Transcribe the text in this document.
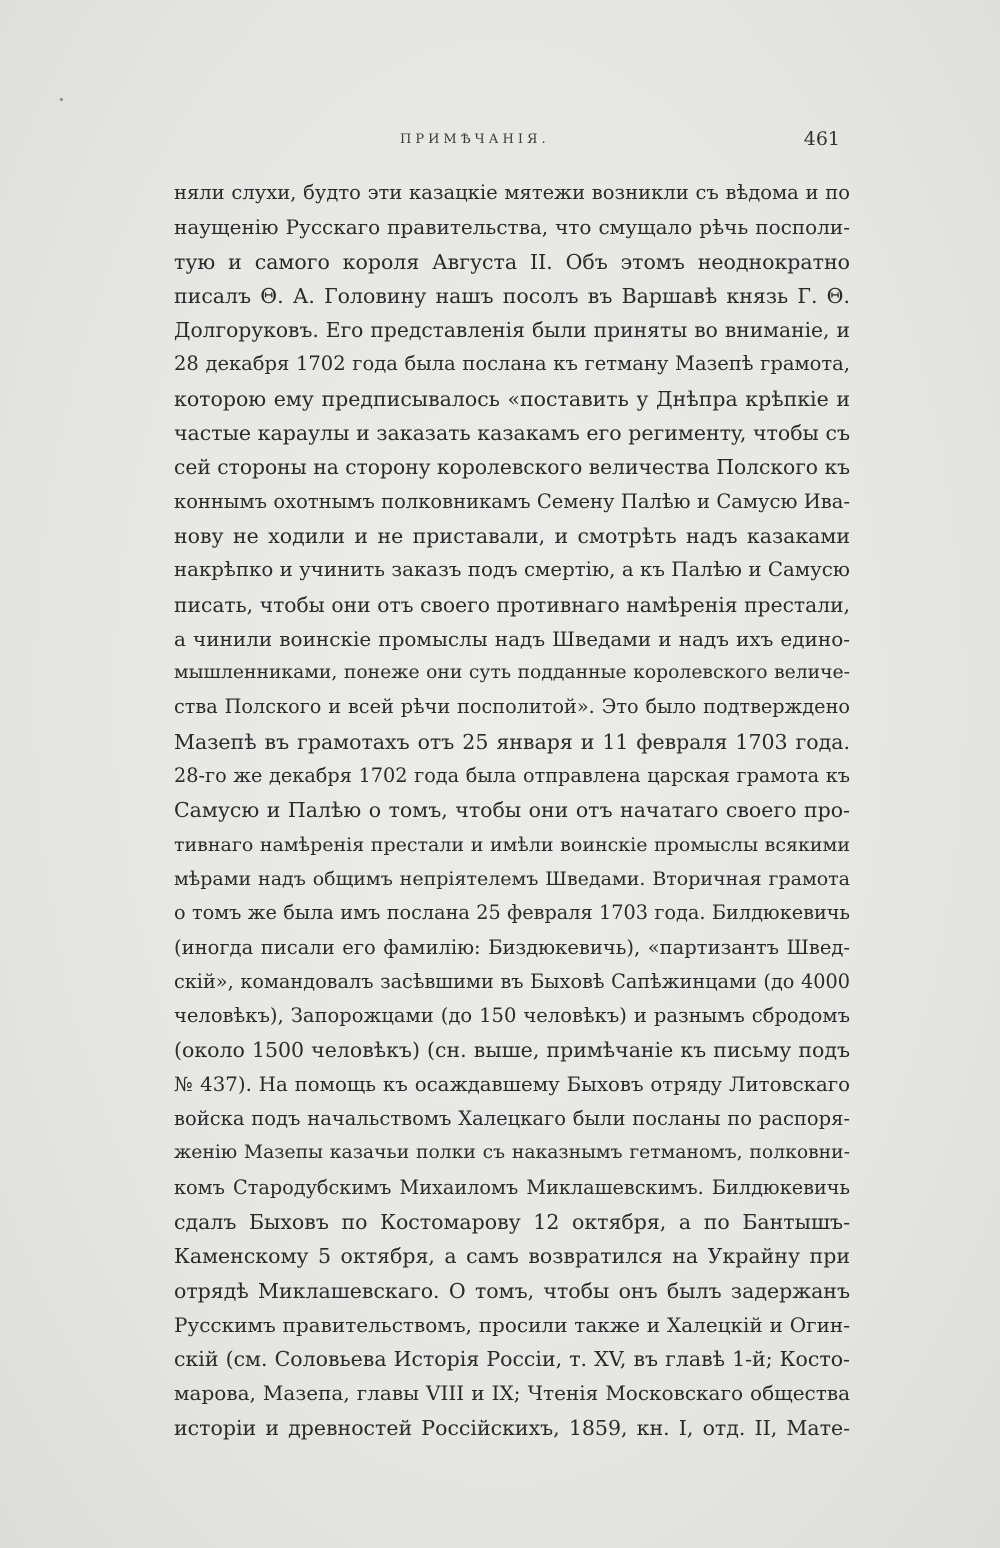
ПРИМѢЧАНІЯ.	461
няли слухи, будто эти казацкіе мятежи возникли съ вѣдома и по
наущенію Русскаго правительства, что смущало рѣчь посполи-
тую и самого короля Августа II. Объ этомъ неоднократно
писалъ Θ. А. Головину нашъ посолъ въ Варшавѣ князь Г. Θ.
Долгоруковъ. Его представленія были приняты во вниманіе, и
28 декабря 1702 года была послана къ гетману Мазепѣ грамота,
которою ему предписывалось «поставить у Днѣпра крѣпкіе и
частые караулы и заказать казакамъ его региментy, чтобы съ
сей стороны на сторону королевского величества Полского къ
коннымъ охотнымъ полковникамъ Семену Палѣю и Самусю Ива-
нову не ходили и не приставали, и смотрѣть надъ казаками
накрѣпко и учинить заказъ подъ смертію, а къ Палѣю и Самусю
писать, чтобы они отъ своего противнаго намѣренія престали,
а чинили воинскіе промыслы надъ Шведами и надъ ихъ едино-
мышленниками, понеже они суть подданные королевского величе-
ства Полского и всей рѣчи посполитой». Это было подтверждено
Мазепѣ въ грамотахъ отъ 25 января и 11 февраля 1703 года.
28-го же декабря 1702 года была отправлена царская грамота къ
Самусю и Палѣю о томъ, чтобы они отъ начатаго своего про-
тивнаго намѣренія престали и имѣли воинскіе промыслы всякими
мѣрами надъ общимъ непріятелемъ Шведами. Вторичная грамота
о томъ же была имъ послана 25 февраля 1703 года. Билдюкевичь
(иногда писали его фамилію: Биздюкевичь), «партизантъ Швед-
скій», командовалъ засѣвшими въ Быховѣ Сапѣжинцами (до 4000
человѣкъ), Запорожцами (до 150 человѣкъ) и разнымъ сбродомъ
(около 1500 человѣкъ) (сн. выше, примѣчаніе къ письму подъ
№ 437). На помощь къ осаждавшему Быховъ отряду Литовскаго
войска подъ начальствомъ Халецкаго были посланы по распоря-
женію Мазепы казачьи полки съ наказнымъ гетманомъ, полковни-
комъ Стародубскимъ Михаиломъ Миклашевскимъ. Билдюкевичь
сдалъ Быховъ по Костомарову 12 октября, а по Бантышъ-
Каменскому 5 октября, а самъ возвратился на Украйну при
отрядѣ Миклашевскаго. О томъ, чтобы онъ былъ задержанъ
Русскимъ правительствомъ, просили также и Халецкій и Огин-
скій (см. Соловьева Исторія Россіи, т. XV, въ главѣ 1-й; Косто-
марова, Мазепа, главы VIII и IX; Чтенія Московскаго общества
исторіи и древностей Россійскихъ, 1859, кн. I, отд. II, Мате-
